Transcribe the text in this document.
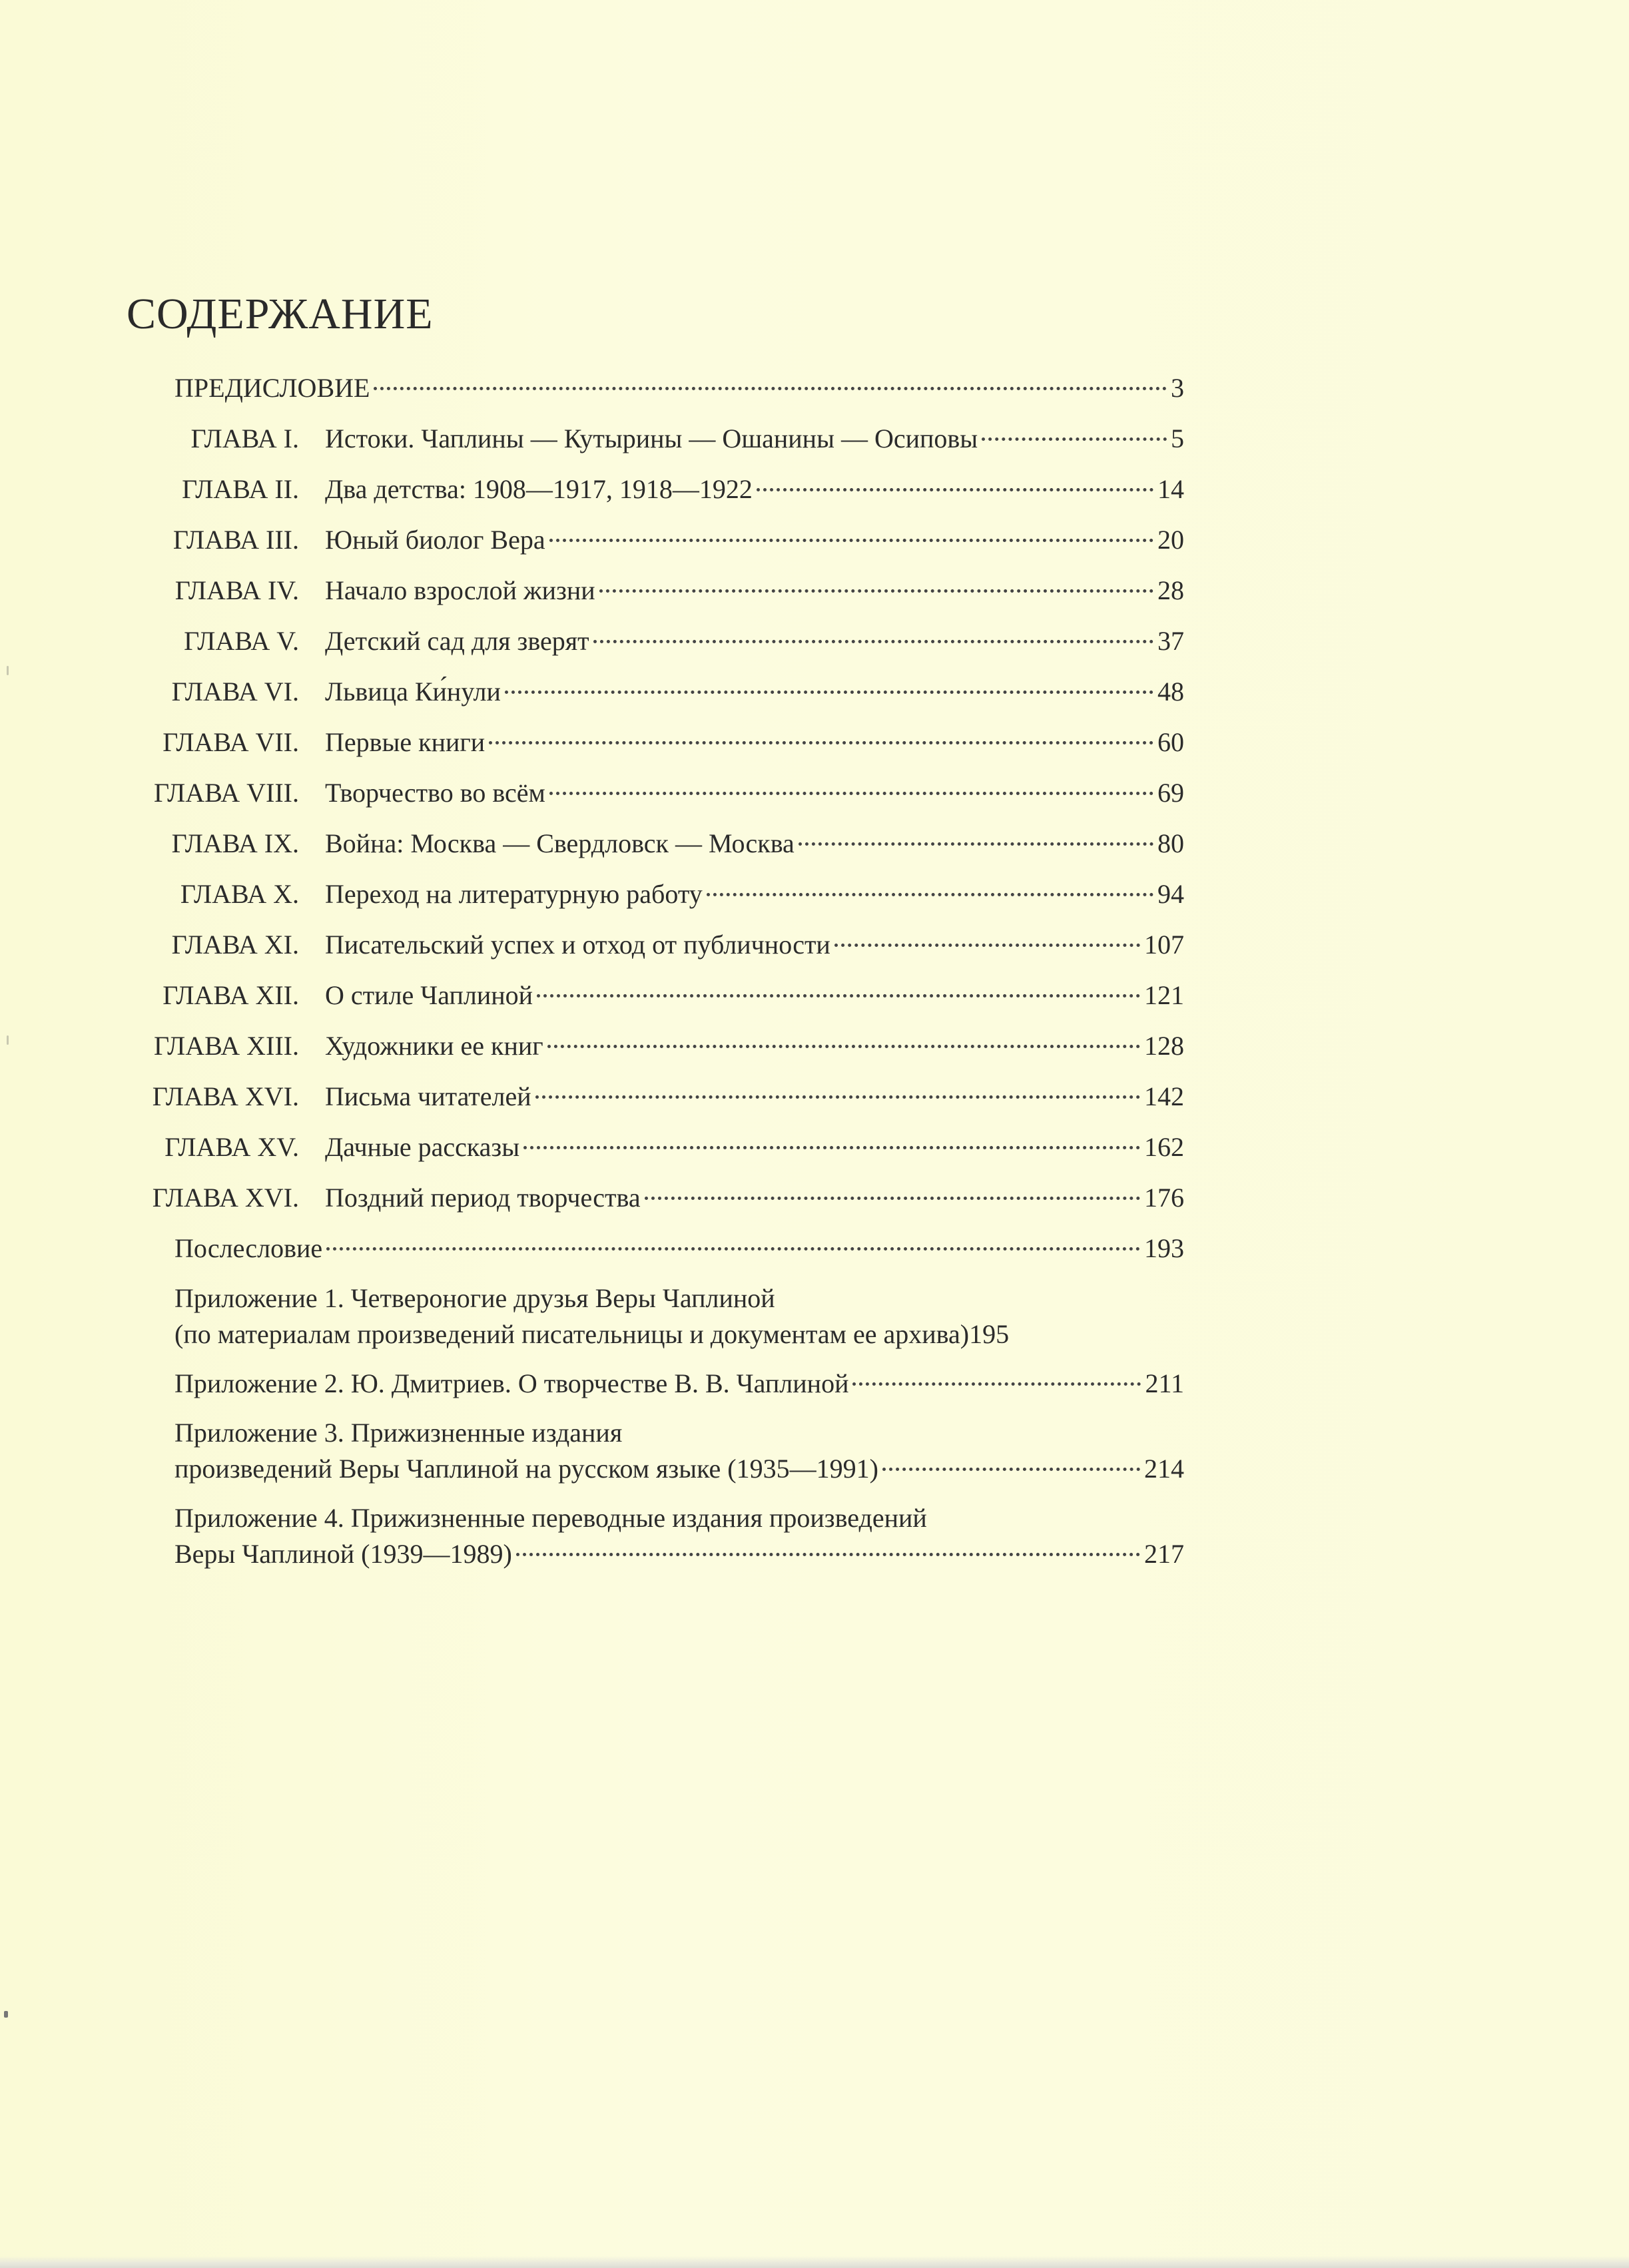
СОДЕРЖАНИЕ
ПРЕДИСЛОВИЕ	3
ГЛАВА I. Истоки. Чаплины — Кутырины — Ошанины — Осиповы	5
ГЛАВА II. Два детства: 1908—1917, 1918—1922	14
ГЛАВА III. Юный биолог Вера	20
ГЛАВА IV. Начало взрослой жизни	28
ГЛАВА V. Детский сад для зверят	37
ГЛАВА VI. Львица Ки́нули	48
ГЛАВА VII. Первые книги	60
ГЛАВА VIII. Творчество во всём	69
ГЛАВА IX. Война: Москва — Свердловск — Москва	80
ГЛАВА X. Переход на литературную работу	94
ГЛАВА XI. Писательский успех и отход от публичности	107
ГЛАВА XII. О стиле Чаплиной	121
ГЛАВА XIII. Художники ее книг	128
ГЛАВА XVI. Письма читателей	142
ГЛАВА XV. Дачные рассказы	162
ГЛАВА XVI. Поздний период творчества	176
Послесловие	193
Приложение 1. Четвероногие друзья Веры Чаплиной
(по материалам произведений писательницы и документам ее архива) 195
Приложение 2. Ю. Дмитриев. О творчестве В. В. Чаплиной	211
Приложение 3. Прижизненные издания
произведений Веры Чаплиной на русском языке (1935—1991)	214
Приложение 4. Прижизненные переводные издания произведений
Веры Чаплиной (1939—1989)	217
